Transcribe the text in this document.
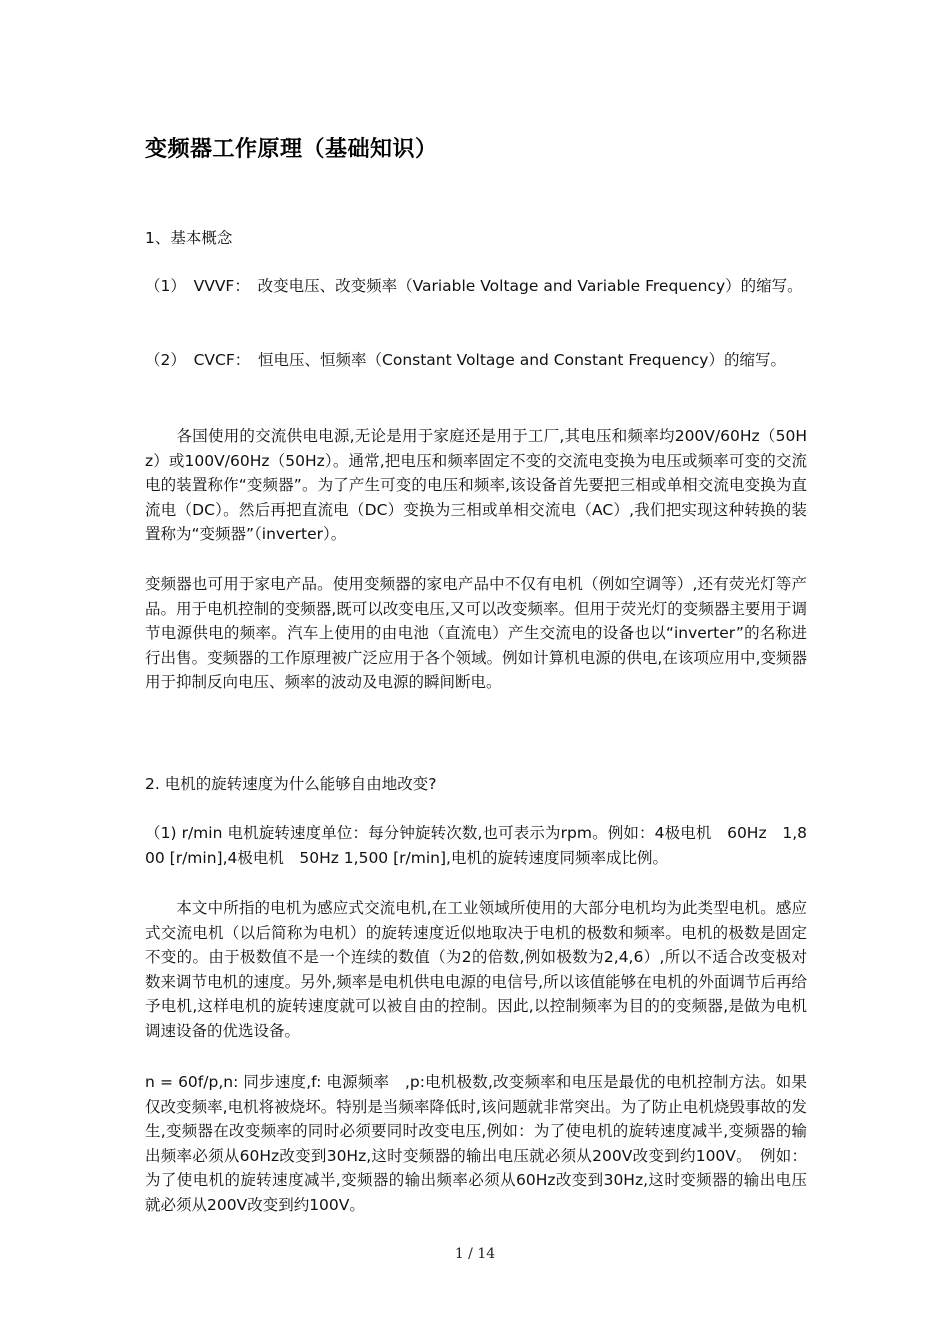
变频器工作原理（基础知识）
1、基本概念
（1）　VVVF：　改变电压、改变频率（Variable Voltage and Variable Frequency）的缩写。
（2）　CVCF：　恒电压、恒频率（Constant Voltage and Constant Frequency）的缩写。
　　各国使用的交流供电电源,无论是用于家庭还是用于工厂,其电压和频率均200V/60Hz（50Hz）或100V/60Hz（50Hz）。通常,把电压和频率固定不变的交流电变换为电压或频率可变的交流电的装置称作“变频器”。为了产生可变的电压和频率,该设备首先要把三相或单相交流电变换为直流电（DC）。然后再把直流电（DC）变换为三相或单相交流电（AC）,我们把实现这种转换的装置称为“变频器”（inverter）。
变频器也可用于家电产品。使用变频器的家电产品中不仅有电机（例如空调等）,还有荧光灯等产品。用于电机控制的变频器,既可以改变电压,又可以改变频率。但用于荧光灯的变频器主要用于调节电源供电的频率。汽车上使用的由电池（直流电）产生交流电的设备也以“inverter”的名称进行出售。变频器的工作原理被广泛应用于各个领域。例如计算机电源的供电,在该项应用中,变频器用于抑制反向电压、频率的波动及电源的瞬间断电。
2. 电机的旋转速度为什么能够自由地改变?
（1) r/min 电机旋转速度单位：每分钟旋转次数,也可表示为rpm。例如：4极电机　60Hz　1,800 [r/min],4极电机　50Hz 1,500 [r/min],电机的旋转速度同频率成比例。
　　本文中所指的电机为感应式交流电机,在工业领域所使用的大部分电机均为此类型电机。感应式交流电机（以后简称为电机）的旋转速度近似地取决于电机的极数和频率。电机的极数是固定不变的。由于极数值不是一个连续的数值（为2的倍数,例如极数为2,4,6）,所以不适合改变极对数来调节电机的速度。另外,频率是电机供电电源的电信号,所以该值能够在电机的外面调节后再给予电机,这样电机的旋转速度就可以被自由的控制。因此,以控制频率为目的的变频器,是做为电机调速设备的优选设备。
n = 60f/p,n: 同步速度,f: 电源频率　,p:电机极数,改变频率和电压是最优的电机控制方法。如果仅改变频率,电机将被烧坏。特别是当频率降低时,该问题就非常突出。为了防止电机烧毁事故的发生,变频器在改变频率的同时必须要同时改变电压,例如：为了使电机的旋转速度减半,变频器的输出频率必须从60Hz改变到30Hz,这时变频器的输出电压就必须从200V改变到约100V。　例如：为了使电机的旋转速度减半,变频器的输出频率必须从60Hz改变到30Hz,这时变频器的输出电压就必须从200V改变到约100V。
1 / 14
